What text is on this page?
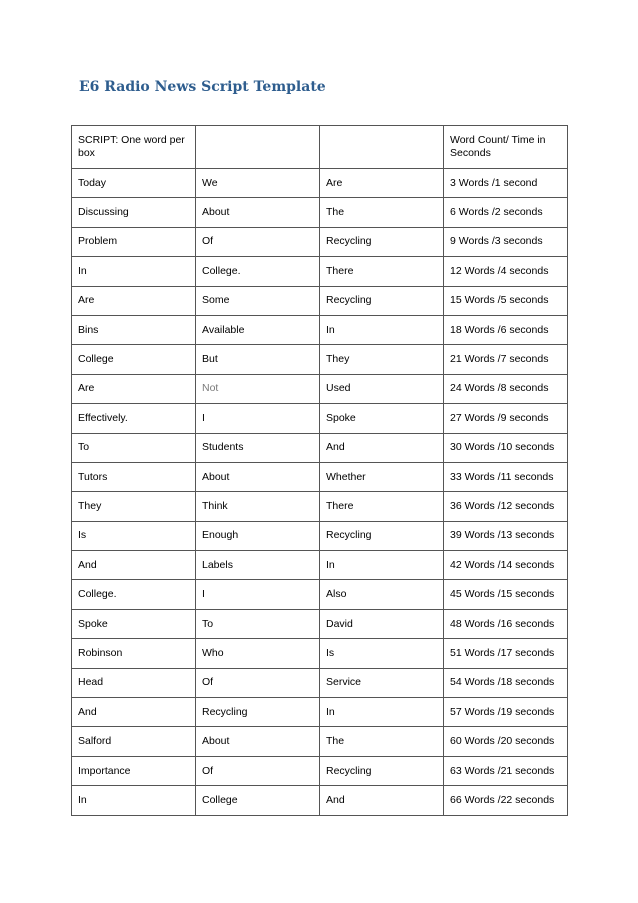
E6 Radio News Script Template
SCRIPT: One word per box			Word Count/ Time in Seconds
Today	We	Are	3 Words /1 second
Discussing	About	The	6 Words /2 seconds
Problem	Of	Recycling	9 Words /3 seconds
In	College.	There	12 Words /4 seconds
Are	Some	Recycling	15 Words /5 seconds
Bins	Available	In	18 Words /6 seconds
College	But	They	21 Words /7 seconds
Are	Not	Used	24 Words /8 seconds
Effectively.	I	Spoke	27 Words /9 seconds
To	Students	And	30 Words /10 seconds
Tutors	About	Whether	33 Words /11 seconds
They	Think	There	36 Words /12 seconds
Is	Enough	Recycling	39 Words /13 seconds
And	Labels	In	42 Words /14 seconds
College.	I	Also	45 Words /15 seconds
Spoke	To	David	48 Words /16 seconds
Robinson	Who	Is	51 Words /17 seconds
Head	Of	Service	54 Words /18 seconds
And	Recycling	In	57 Words /19 seconds
Salford	About	The	60 Words /20 seconds
Importance	Of	Recycling	63 Words /21 seconds
In	College	And	66 Words /22 seconds
